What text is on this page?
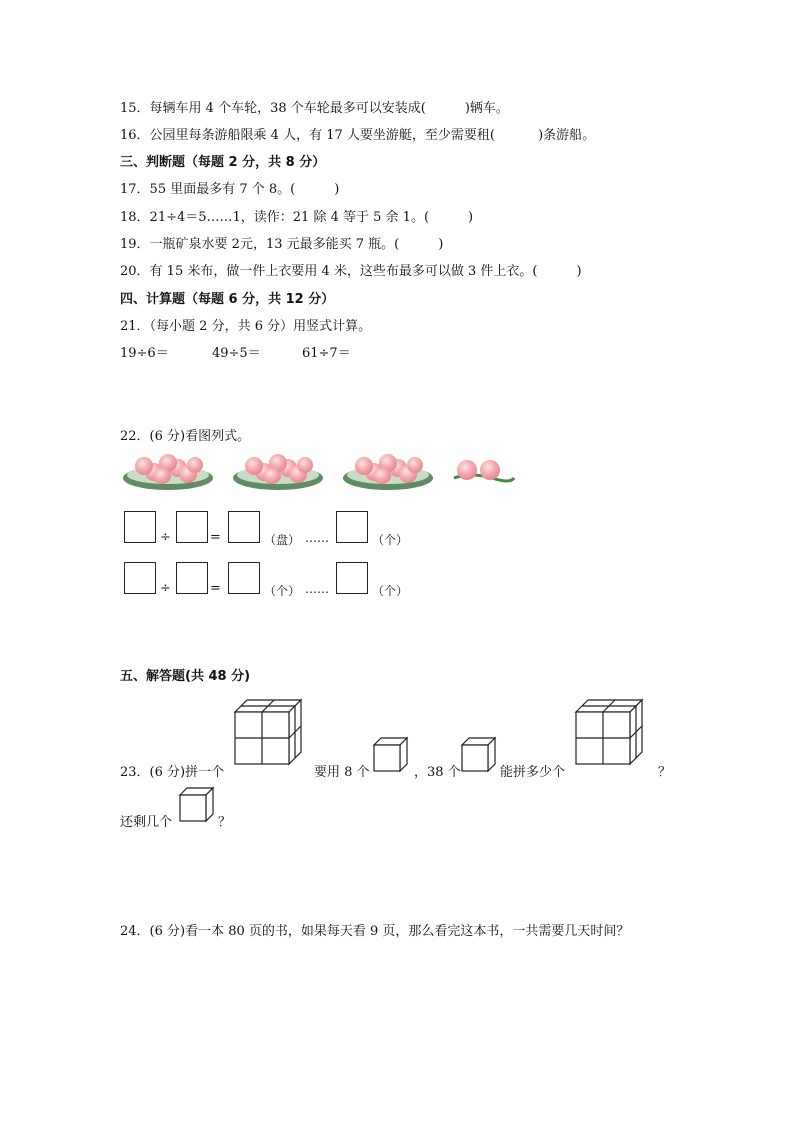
15．每辆车用 4 个车轮，38 个车轮最多可以安装成(　　　)辆车。
16．公园里每条游船限乘 4 人，有 17 人要坐游艇，至少需要租(　　　 )条游船。
三、判断题（每题 2 分，共 8 分）
17．55 里面最多有 7 个 8。(　　　)
18．21÷4＝5……1，读作：21 除 4 等于 5 余 1。(　　　)
19．一瓶矿泉水要 2元，13 元最多能买 7 瓶。(　　　)
20．有 15 米布，做一件上衣要用 4 米，这些布最多可以做 3 件上衣。(　　　)
四、计算题（每题 6 分，共 12 分）
21．（每小题 2 分，共 6 分）用竖式计算。
19÷6＝	49÷5＝	61÷7＝
22．(6 分)看图列式。
÷	=	（盘） ……	（个）
÷	=	（个） ……	（个）
五、解答题(共 48 分)
23．(6 分)拼一个	要用 8 个	，38 个	能拼多少个	？
还剩几个	？
24．(6 分)看一本 80 页的书，如果每天看 9 页，那么看完这本书，一共需要几天时间？
